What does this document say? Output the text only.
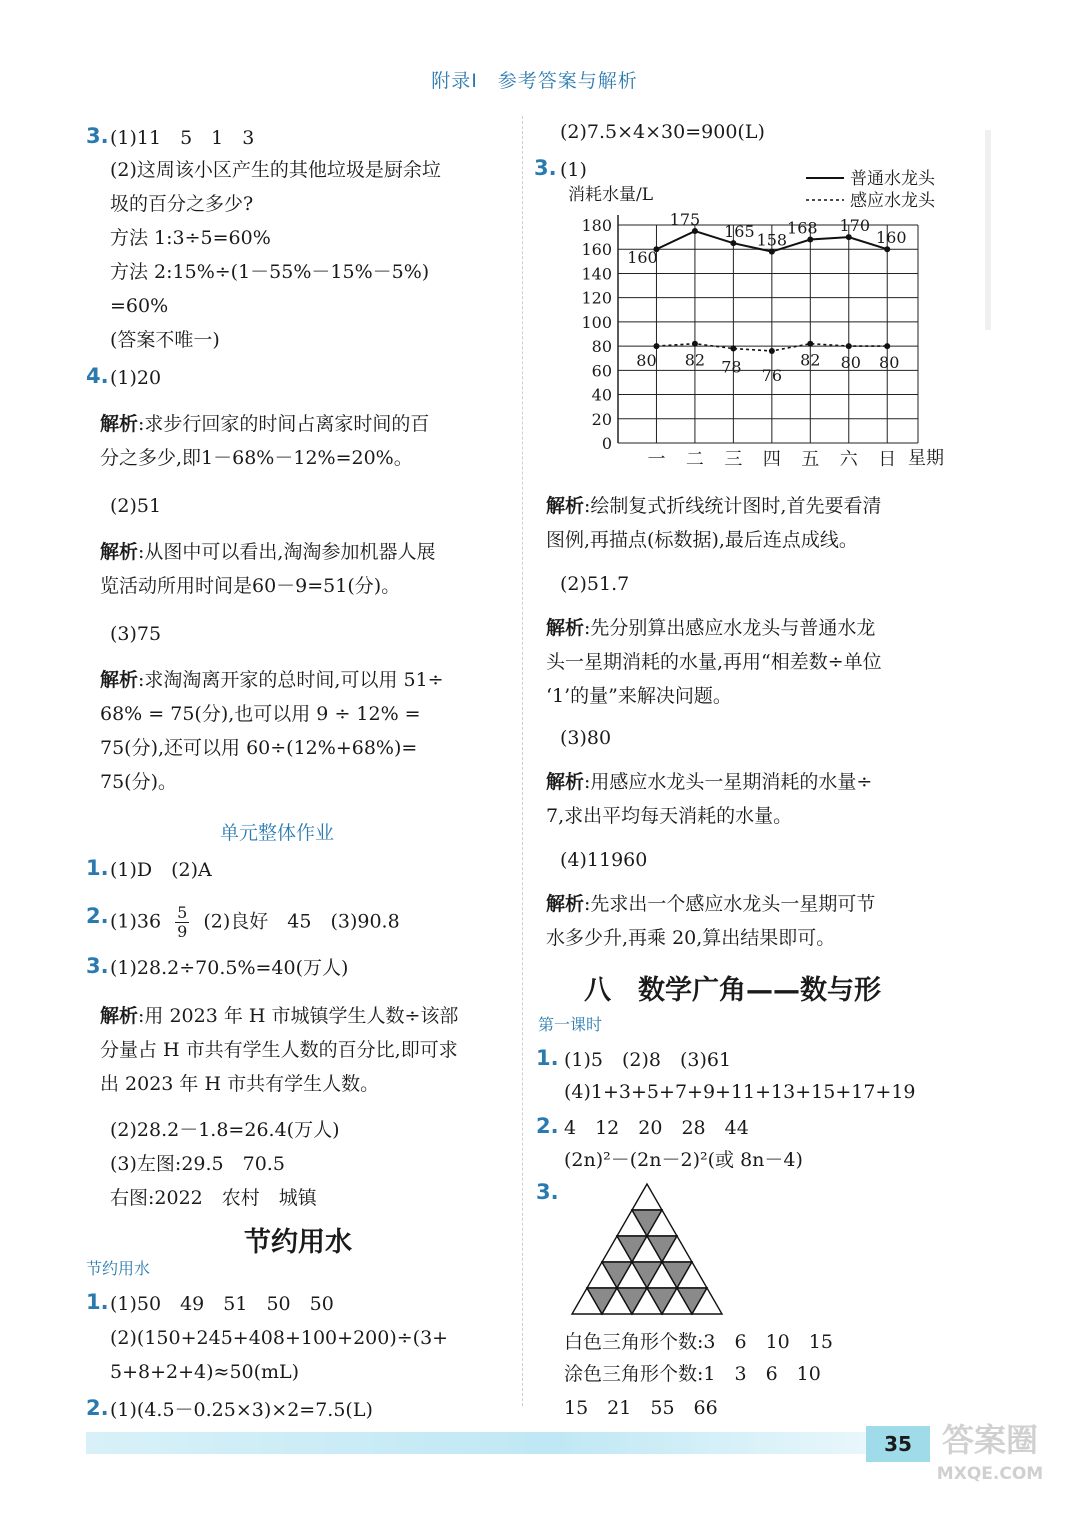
附录Ⅰ　参考答案与解析
3. (1)11　5　1　3
(2)这周该小区产生的其他垃圾是厨余垃
圾的百分之多少?
方法 1:3÷5=60%
方法 2:15%÷(1－55%－15%－5%)
=60%
(答案不唯一)
4. (1)20
解析:求步行回家的时间占离家时间的百
分之多少,即1－68%－12%=20%。
(2)51
解析:从图中可以看出,淘淘参加机器人展
览活动所用时间是60－9=51(分)。
(3)75
解析:求淘淘离开家的总时间,可以用 51÷
68% = 75(分),也可以用 9 ÷ 12% =
75(分),还可以用 60÷(12%+68%)=
75(分)。
单元整体作业
1. (1)D　(2)A
2. $(1)36 \frac{5}{9} (2)$良好　45　(3)90.8
3. (1)28.2÷70.5%=40(万人)
解析:用 2023 年 H 市城镇学生人数÷该部
分量占 H 市共有学生人数的百分比,即可求
出 2023 年 H 市共有学生人数。
(2)28.2－1.8=26.4(万人)
(3)左图:29.5　70.5
右图:2022　农村　城镇
节约用水
节约用水
1. (1)50　49　51　50　50
(2)(150+245+408+100+200)÷(3+
5+8+2+4)≈50(mL)
2. (1)(4.5－0.25×3)×2=7.5(L)
(2)7.5×4×30=900(L)
3. (1)
消耗水量/L
星期
普通水龙头
感应水龙头
0
20
40
60
80
100
120
140
160
180
一 二 三 四 五 六 日
160
175
165 158
168 170
160
80 82 78 76
82 80 80
解析:绘制复式折线统计图时,首先要看清
图例,再描点(标数据),最后连点成线。
(2)51.7
解析:先分别算出感应水龙头与普通水龙
头一星期消耗的水量,再用“相差数÷单位
‘1’的量”来解决问题。
(3)80
解析:用感应水龙头一星期消耗的水量÷
7,求出平均每天消耗的水量。
(4)11960
解析:先求出一个感应水龙头一星期可节
水多少升,再乘 20,算出结果即可。
八　数学广角——数与形
第一课时
1. (1)5　(2)8　(3)61
(4)1+3+5+7+9+11+13+15+17+19
2. 4　12　20　28　44
(2n)²－(2n－2)²(或 8n－4)
3.
白色三角形个数:3　6　10　15
涂色三角形个数:1　3　6　10
15　21　55　66
35 答案圈
MXQE.COM
